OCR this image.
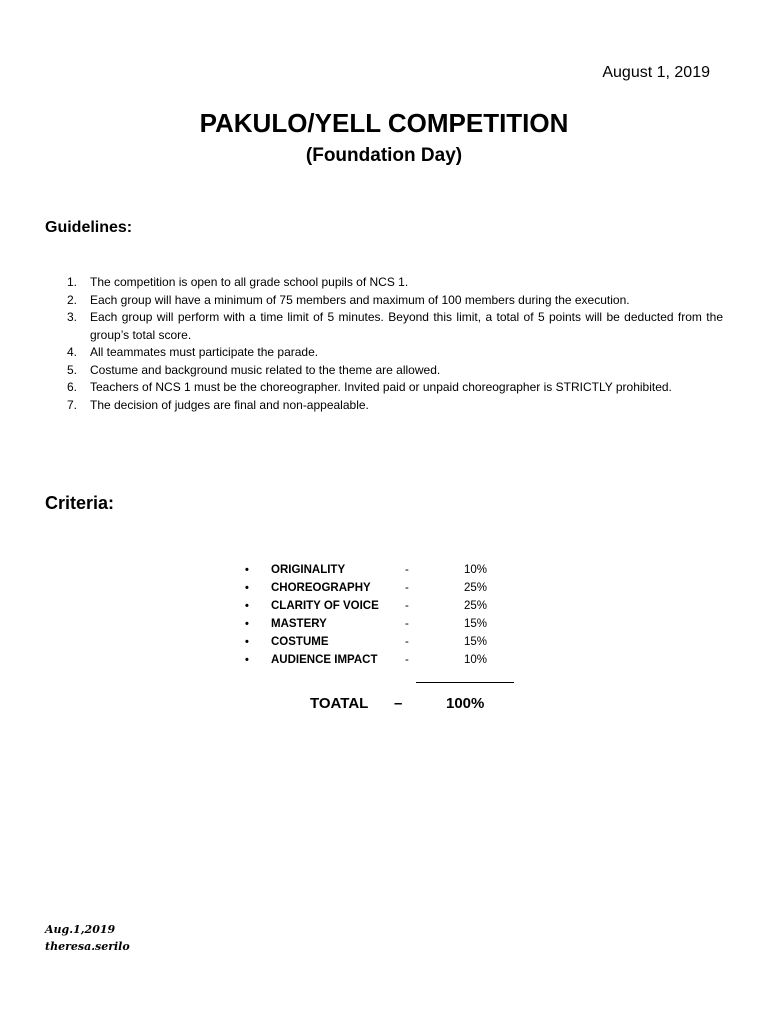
August 1, 2019
PAKULO/YELL COMPETITION
(Foundation Day)
Guidelines:
1.	The competition is open to all grade school pupils of NCS 1.
2.	Each group will have a minimum of 75 members and maximum of 100 members during the execution.
3.	Each group will perform with a time limit of 5 minutes. Beyond this limit, a total of 5 points will be deducted from the group’s total score.
4.	All teammates must participate the parade.
5.	Costume and background music related to the theme are allowed.
6.	Teachers of NCS 1 must be the choreographer. Invited paid or unpaid choreographer is STRICTLY prohibited.
7.	The decision of judges are final and non-appealable.
Criteria:
•	ORIGINALITY	-	10%
•	CHOREOGRAPHY	-	25%
•	CLARITY OF VOICE	-	25%
•	MASTERY	-	15%
•	COSTUME	-	15%
•	AUDIENCE IMPACT	-	10%
TOATAL	–	100%
Aug.1,2019
theresa.serilo
